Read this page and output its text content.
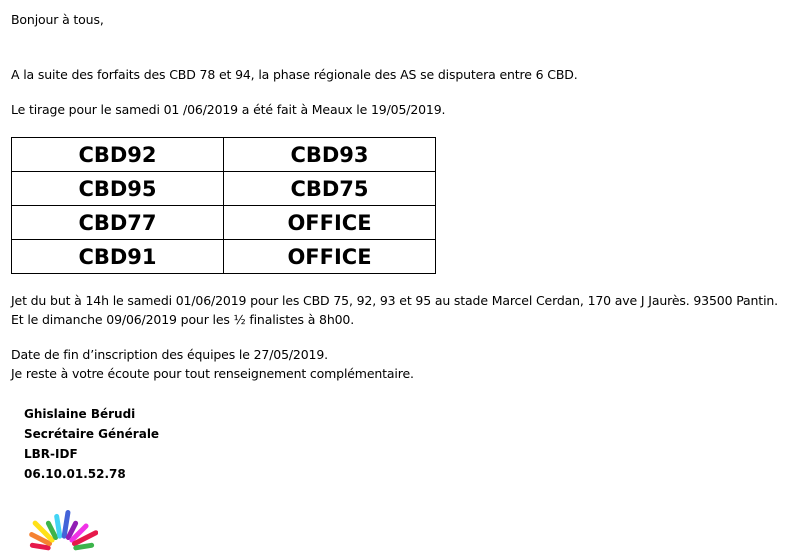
Bonjour à tous,
A la suite des forfaits des CBD 78 et 94, la phase régionale des AS se disputera entre 6 CBD.
Le tirage pour le samedi 01 /06/2019 a été fait à Meaux le 19/05/2019.
CBD92	CBD93
CBD95	CBD75
CBD77	OFFICE
CBD91	OFFICE
Jet du but à 14h le samedi 01/06/2019 pour les CBD 75, 92, 93 et 95 au stade Marcel Cerdan, 170 ave J Jaurès. 93500 Pantin.
Et le dimanche 09/06/2019 pour les ½ finalistes à 8h00.
Date de fin d’inscription des équipes le 27/05/2019.
Je reste à votre écoute pour tout renseignement complémentaire.
Ghislaine Bérudi
Secrétaire Générale
LBR-IDF
06.10.01.52.78
